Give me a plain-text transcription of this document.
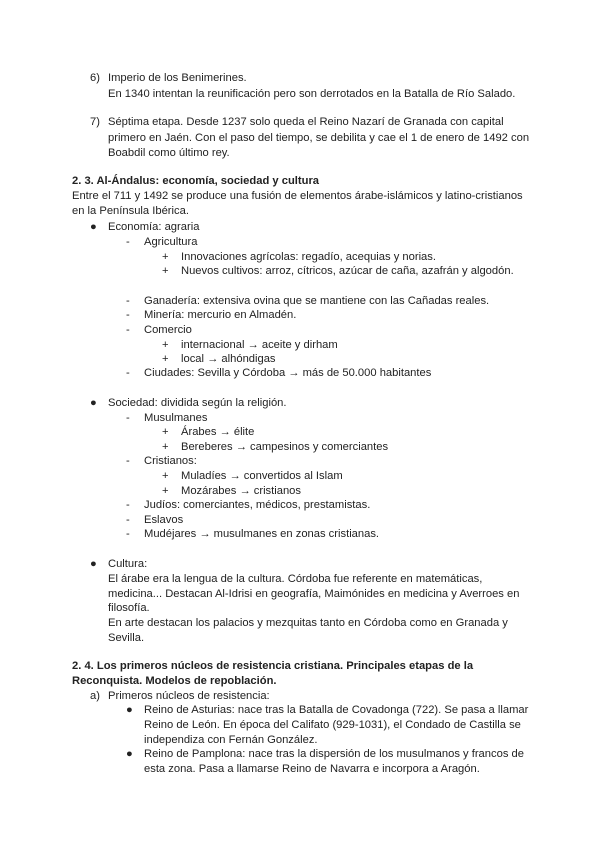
6) Imperio de los Benimerines.
En 1340 intentan la reunificación pero son derrotados en la Batalla de Río Salado.
7) Séptima etapa. Desde 1237 solo queda el Reino Nazarí de Granada con capital
primero en Jaén. Con el paso del tiempo, se debilita y cae el 1 de enero de 1492 con
Boabdil como último rey.
2. 3. Al-Ándalus: economía, sociedad y cultura
Entre el 711 y 1492 se produce una fusión de elementos árabe-islámicos y latino-cristianos
en la Península Ibérica.
● Economía: agraria
- Agricultura
+ Innovaciones agrícolas: regadío, acequias y norias.
+ Nuevos cultivos: arroz, cítricos, azúcar de caña, azafrán y algodón.
- Ganadería: extensiva ovina que se mantiene con las Cañadas reales.
- Minería: mercurio en Almadén.
- Comercio
+ internacional → aceite y dirham
+ local → alhóndigas
- Ciudades: Sevilla y Córdoba → más de 50.000 habitantes
● Sociedad: dividida según la religión.
- Musulmanes
+ Árabes → élite
+ Bereberes → campesinos y comerciantes
- Cristianos:
+ Muladíes → convertidos al Islam
+ Mozárabes → cristianos
- Judíos: comerciantes, médicos, prestamistas.
- Eslavos
- Mudéjares → musulmanes en zonas cristianas.
● Cultura:
El árabe era la lengua de la cultura. Córdoba fue referente en matemáticas,
medicina... Destacan Al-Idrisi en geografía, Maimónides en medicina y Averroes en
filosofía.
En arte destacan los palacios y mezquitas tanto en Córdoba como en Granada y
Sevilla.
2. 4. Los primeros núcleos de resistencia cristiana. Principales etapas de la
Reconquista. Modelos de repoblación.
a) Primeros núcleos de resistencia:
● Reino de Asturias: nace tras la Batalla de Covadonga (722). Se pasa a llamar
Reino de León. En época del Califato (929-1031), el Condado de Castilla se
independiza con Fernán González.
● Reino de Pamplona: nace tras la dispersión de los musulmanos y francos de
esta zona. Pasa a llamarse Reino de Navarra e incorpora a Aragón.
